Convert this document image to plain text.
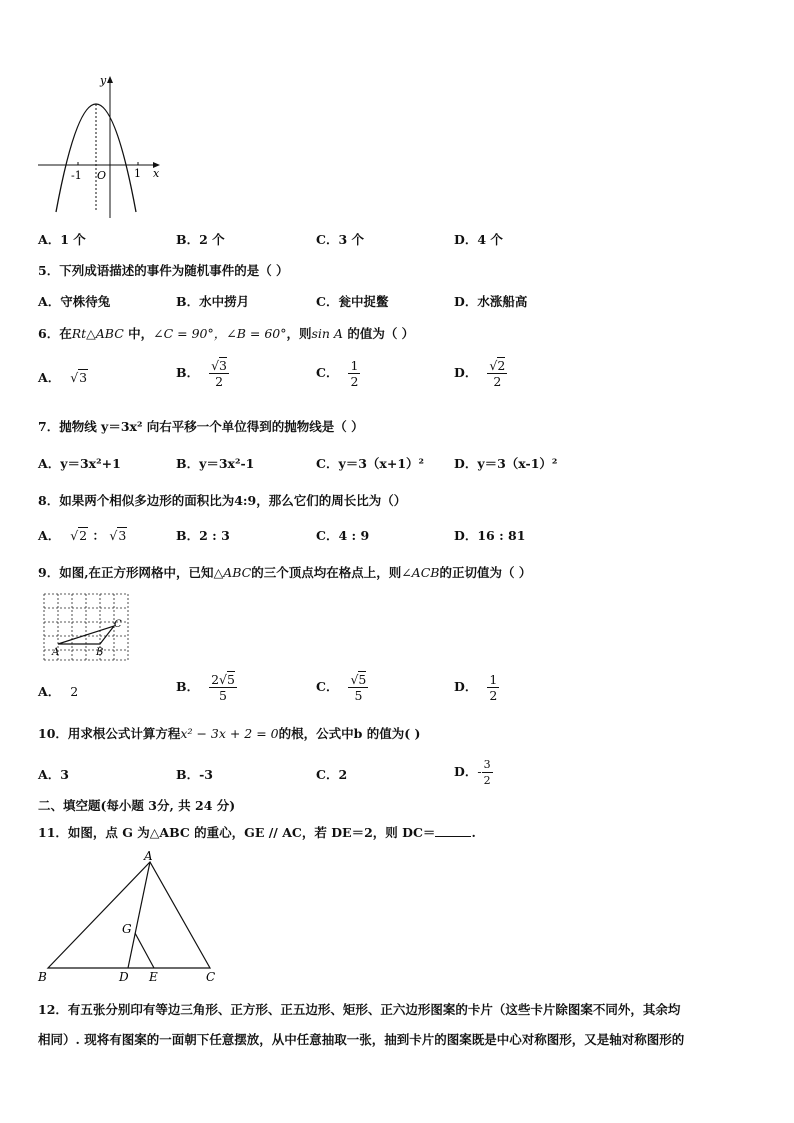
y
x
-1 O	1
A．1 个	B．2 个	C．3 个	D．4 个
5．下列成语描述的事件为随机事件的是（ ）
A．守株待兔	B．水中捞月	C．瓮中捉鳖	D．水涨船高
6．在Rt△ABC 中，∠C = 90°，∠B = 60°，则sin A 的值为（ ）
A． √3	B． $\frac{√3}{2}$	C． $\frac{1}{2}$	D． $\frac{√2}{2}$
7．抛物线 y＝3x² 向右平移一个单位得到的抛物线是（ ）
A．y＝3x²+1	B．y＝3x²-1	C．y＝3（x+1）² D．y＝3（x-1）²
8．如果两个相似多边形的面积比为4:9，那么它们的周长比为（）
A． √2 ： √3	B．2 : 3	C．4 : 9	D．16 : 81
9．如图,在正方形网格中，已知△ABC的三个顶点均在格点上，则∠ACB的正切值为（ ）
A	B
C
A． 2	B． $\frac{2√5}{5}$	C． $\frac{√5}{5}$	D． $\frac{1}{2}$
10．用求根公式计算方程x² − 3x + 2 = 0的根，公式中b 的值为( )
A．3	B．-3	C．2	D．- $\frac{3}{2}$
二、填空题(每小题 3分, 共 24 分)
11．如图，点 G 为△ABC 的重心，GE // AC，若 DE＝2，则 DC＝	.
A
B	C
D E
G
12．有五张分别印有等边三角形、正方形、正五边形、矩形、正六边形图案的卡片（这些卡片除图案不同外，其余均
相同）. 现将有图案的一面朝下任意摆放，从中任意抽取一张，抽到卡片的图案既是中心对称图形，又是轴对称图形的
